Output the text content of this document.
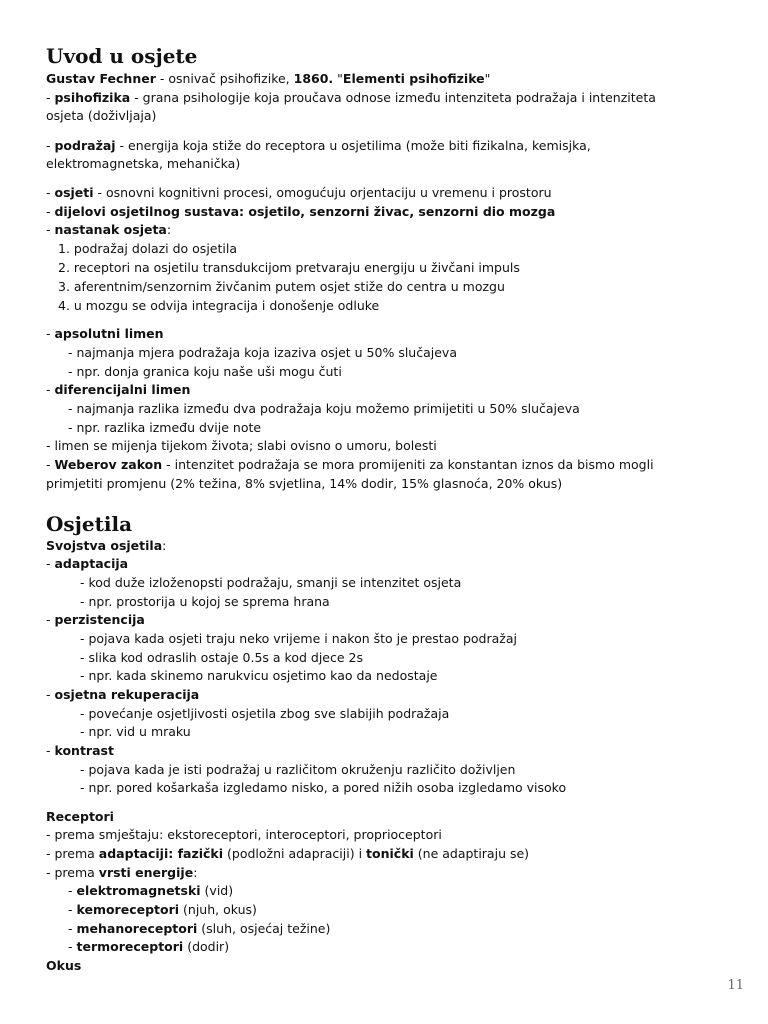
Uvod u osjete

Gustav Fechner - osnivač psihofizike, 1860. "Elementi psihofizike"

- psihofizika - grana psihologije koja proučava odnose između intenziteta podražaja i intenziteta

osjeta (doživljaja)

- podražaj - energija koja stiže do receptora u osjetilima (može biti fizikalna, kemisjka,

elektromagnetska, mehanička)

- osjeti - osnovni kognitivni procesi, omogućuju orjentaciju u vremenu i prostoru

- dijelovi osjetilnog sustava: osjetilo, senzorni živac, senzorni dio mozga

- nastanak osjeta:

1. podražaj dolazi do osjetila

2. receptori na osjetilu transdukcijom pretvaraju energiju u živčani impuls

3. aferentnim/senzornim živčanim putem osjet stiže do centra u mozgu

4. u mozgu se odvija integracija i donošenje odluke

- apsolutni limen

- najmanja mjera podražaja koja izaziva osjet u 50% slučajeva

- npr. donja granica koju naše uši mogu čuti

- diferencijalni limen

- najmanja razlika između dva podražaja koju možemo primijetiti u 50% slučajeva

- npr. razlika između dvije note

- limen se mijenja tijekom života; slabi ovisno o umoru, bolesti

- Weberov zakon - intenzitet podražaja se mora promijeniti za konstantan iznos da bismo mogli

primjetiti promjenu (2% težina, 8% svjetlina, 14% dodir, 15% glasnoća, 20% okus)

Osjetila

Svojstva osjetila:

- adaptacija

- kod duže izloženopsti podražaju, smanji se intenzitet osjeta

- npr. prostorija u kojoj se sprema hrana

- perzistencija

- pojava kada osjeti traju neko vrijeme i nakon što je prestao podražaj

- slika kod odraslih ostaje 0.5s a kod djece 2s

- npr. kada skinemo narukvicu osjetimo kao da nedostaje

- osjetna rekuperacija

- povećanje osjetljivosti osjetila zbog sve slabijih podražaja

- npr. vid u mraku

- kontrast

- pojava kada je isti podražaj u različitom okruženju različito doživljen

- npr. pored košarkaša izgledamo nisko, a pored nižih osoba izgledamo visoko

Receptori

- prema smještaju: ekstoreceptori, interoceptori, proprioceptori

- prema adaptaciji: fazički (podložni adapraciji) i tonički (ne adaptiraju se)

- prema vrsti energije:

- elektromagnetski (vid)

- kemoreceptori (njuh, okus)

- mehanoreceptori (sluh, osjećaj težine)

- termoreceptori (dodir)

Okus

11
